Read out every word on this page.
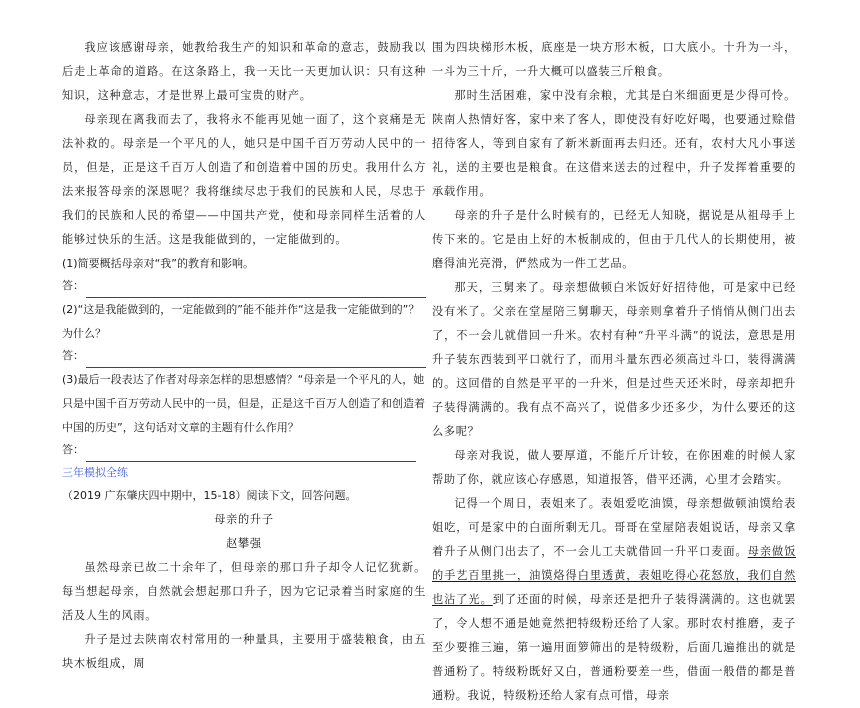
我应该感谢母亲，她教给我生产的知识和革命的意志，鼓励我以后走上革命的道路。在这条路上，我一天比一天更加认识：只有这种知识，这种意志，才是世界上最可宝贵的财产。

母亲现在离我而去了，我将永不能再见她一面了，这个哀痛是无法补救的。母亲是一个平凡的人，她只是中国千百万劳动人民中的一员，但是，正是这千百万人创造了和创造着中国的历史。我用什么方法来报答母亲的深恩呢？我将继续尽忠于我们的民族和人民，尽忠于我们的民族和人民的希望——中国共产党，使和母亲同样生活着的人能够过快乐的生活。这是我能做到的，一定能做到的。

(1)简要概括母亲对“我”的教育和影响。

答：

(2)“这是我能做到的，一定能做到的”能不能并作“这是我一定能做到的”？为什么？

答：

(3)最后一段表达了作者对母亲怎样的思想感情？“母亲是一个平凡的人，她只是中国千百万劳动人民中的一员，但是，正是这千百万人创造了和创造着中国的历史”，这句话对文章的主题有什么作用？

答：

三年模拟全练

（2019 广东肇庆四中期中，15-18）阅读下文，回答问题。

母亲的升子

赵攀强

虽然母亲已故二十余年了，但母亲的那口升子却令人记忆犹新。每当想起母亲，自然就会想起那口升子，因为它记录着当时家庭的生活及人生的风雨。

升子是过去陕南农村常用的一种量具，主要用于盛装粮食，由五块木板组成，周

围为四块梯形木板，底座是一块方形木板，口大底小。十升为一斗，一斗为三十斤，一升大概可以盛装三斤粮食。

那时生活困难，家中没有余粮，尤其是白米细面更是少得可怜。陕南人热情好客，家中来了客人，即使没有好吃好喝，也要通过赊借招待客人，等到自家有了新米新面再去归还。还有，农村大凡小事送礼，送的主要也是粮食。在这借来送去的过程中，升子发挥着重要的承载作用。

母亲的升子是什么时候有的，已经无人知晓，据说是从祖母手上传下来的。它是由上好的木板制成的，但由于几代人的长期使用，被磨得油光亮滑，俨然成为一件工艺品。

那天，三舅来了。母亲想做顿白米饭好好招待他，可是家中已经没有米了。父亲在堂屋陪三舅聊天，母亲则拿着升子悄悄从侧门出去了，不一会儿就借回一升米。农村有种“升平斗满”的说法，意思是用升子装东西装到平口就行了，而用斗量东西必须高过斗口，装得满满的。这回借的自然是平平的一升米，但是过些天还米时，母亲却把升子装得满满的。我有点不高兴了，说借多少还多少，为什么要还的这么多呢？

母亲对我说，做人要厚道，不能斤斤计较，在你困难的时候人家帮助了你，就应该心存感恩，知道报答，借平还满，心里才会踏实。

记得一个周日，表姐来了。表姐爱吃油馍，母亲想做顿油馍给表姐吃，可是家中的白面所剩无几。哥哥在堂屋陪表姐说话，母亲又拿着升子从侧门出去了，不一会儿工夫就借回一升平口麦面。母亲做饭的手艺百里挑一，油馍烙得白里透黄，表姐吃得心花怒放，我们自然也沾了光。到了还面的时候，母亲还是把升子装得满满的。这也就罢了，令人想不通是她竟然把特级粉还给了人家。那时农村推磨，麦子至少要推三遍，第一遍用面箩筛出的是特级粉，后面几遍推出的就是普通粉了。特级粉既好又白，普通粉要差一些，借面一般借的都是普通粉。我说，特级粉还给人家有点可惜，母亲
